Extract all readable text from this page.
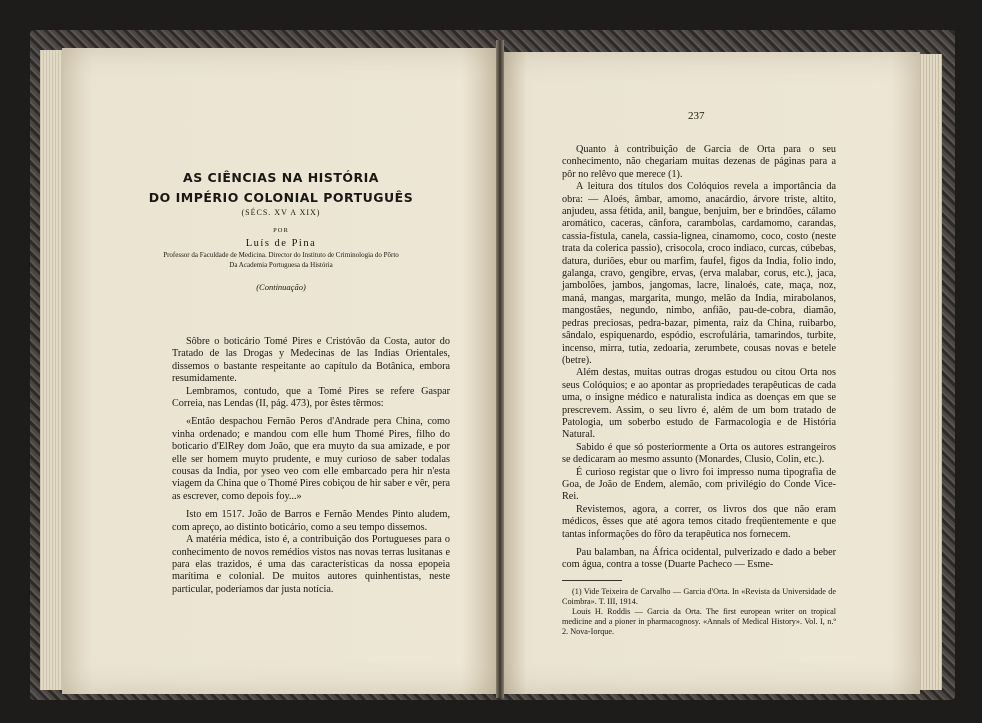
AS CIÊNCIAS NA HISTÓRIA
DO IMPÉRIO COLONIAL PORTUGUÊS
(SÉCS. XV A XIX)
POR
Luís de Pina
Professor da Faculdade de Medicina. Director do Instituto de Criminologia do Pôrto
Da Academia Portuguesa da História
(Continuação)

Sôbre o boticário Tomé Pires e Cristóvão da Costa, autor do Tratado de las Drogas y Medecinas de las Indias Orientales, dissemos o bastante respeitante ao capítulo da Botânica, embora resumidamente.

Lembramos, contudo, que a Tomé Pires se refere Gaspar Correia, nas Lendas (II, pág. 473), por êstes têrmos:

«Então despachou Fernão Peros d'Andrade pera China, como vinha ordenado; e mandou com elle hum Thomé Pires, filho do boticario d'ElRey dom João, que era muyto da sua amizade, e por elle ser homem muyto prudente, e muy curioso de saber todalas cousas da India, por yseo veo com elle embarcado pera hir n'esta viagem da China que o Thomé Pires cobiçou de hir saber e vêr, pera as escrever, como depois foy...»

Isto em 1517. João de Barros e Fernão Mendes Pinto aludem, com apreço, ao distinto boticário, como a seu tempo dissemos.

A matéria médica, isto é, a contribuição dos Portugueses para o conhecimento de novos remédios vistos nas novas terras lusitanas e para elas trazidos, é uma das características da nossa epopeia marítima e colonial. De muitos autores quinhentistas, neste particular, poderíamos dar justa notícia.

237

Quanto à contribuição de Garcia de Orta para o seu conhecimento, não chegariam muitas dezenas de páginas para a pôr no relêvo que merece (1).

A leitura dos títulos dos Colóquios revela a importância da obra: — Aloés, âmbar, amomo, anacárdio, árvore triste, altito, anjudeu, assa fétida, anil, bangue, benjuim, ber e brindões, cálamo aromático, caceras, cânfora, carambolas, cardamomo, carandas, cassia-fístula, canela, cassia-lignea, cinamomo, coco, costo (neste trata da colerica passio), crisocola, croco indiaco, curcas, cúbebas, datura, duriões, ebur ou marfim, faufel, figos da India, folio indo, galanga, cravo, gengibre, ervas, (erva malabar, corus, etc.), jaca, jambolões, jambos, jangomas, lacre, linaloés, cate, maça, noz, maná, mangas, margarita, mungo, melão da India, mirabolanos, mangostães, negundo, nimbo, anfião, pau-de-cobra, diamão, pedras preciosas, pedra-bazar, pimenta, raiz da China, ruibarbo, sândalo, espiquenardo, espódio, escrofulária, tamarindos, turbite, incenso, mirra, tutia, zedoaria, zerumbete, cousas novas e betele (betre).

Além destas, muitas outras drogas estudou ou citou Orta nos seus Colóquios; e ao apontar as propriedades terapêuticas de cada uma, o insigne médico e naturalista indica as doenças em que se prescrevem. Assim, o seu livro é, além de um bom tratado de Patologia, um soberbo estudo de Farmacologia e de História Natural.

Sabido é que só posteriormente a Orta os autores estrangeiros se dedicaram ao mesmo assunto (Monardes, Clusio, Colin, etc.).

É curioso registar que o livro foi impresso numa tipografia de Goa, de João de Endem, alemão, com privilégio do Conde Vice-Rei.

Revistemos, agora, a correr, os livros dos que não eram médicos, êsses que até agora temos citado freqüentemente e que tantas informações do fôro da terapêutica nos fornecem.

Pau balamban, na África ocidental, pulverizado e dado a beber com água, contra a tosse (Duarte Pacheco — Esme-

(1) Vide Teixeira de Carvalho — Garcia d'Orta. In «Revista da Universidade de Coimbra». T. III, 1914.

Louis H. Roddis — Garcia da Orta. The first european writer on tropical medicine and a pioner in pharmacognosy. «Annals of Medical History». Vol. I, n.º 2. Nova-Iorque.
